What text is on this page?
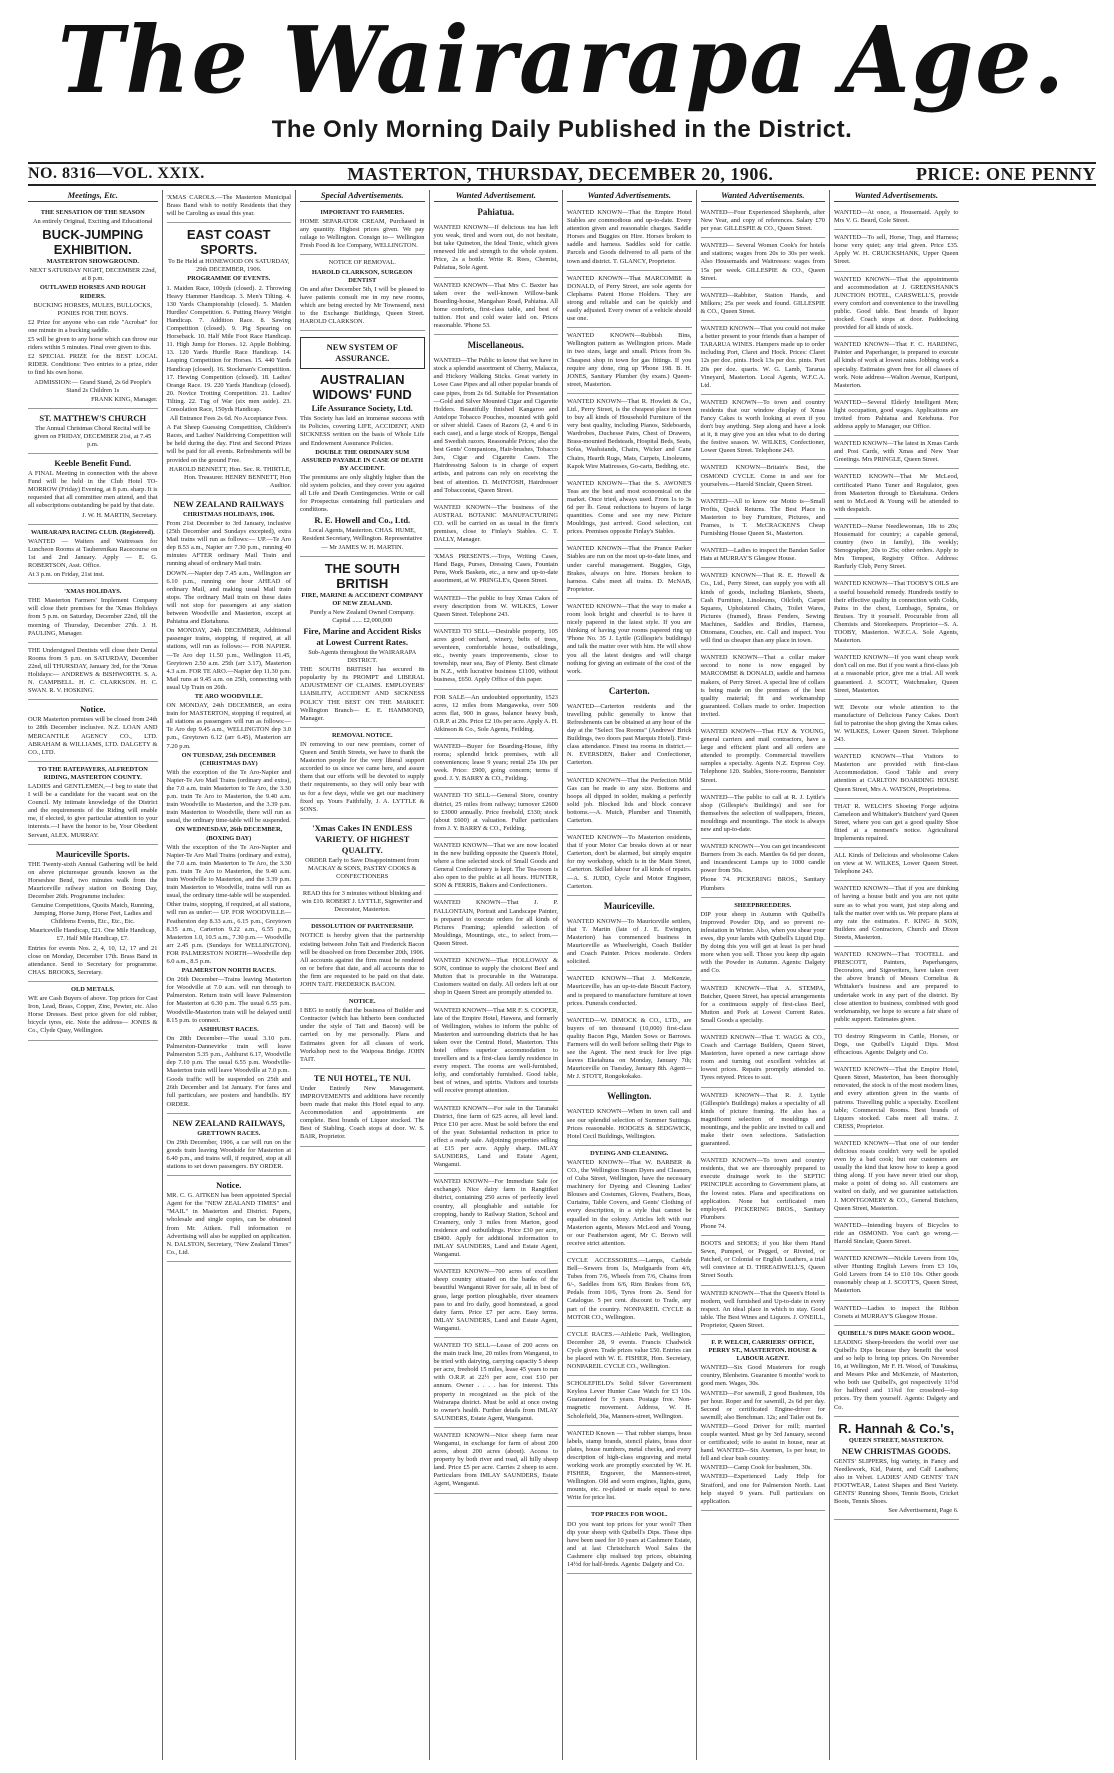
The Wairarapa Age.
The Only Morning Daily Published in the District.
NO. 8316—VOL. XXIX.	MASTERTON, THURSDAY, DECEMBER 20, 1906.	PRICE: ONE PENNY
Meetings, Etc.

THE SENSATION OF THE SEASON

An entirely Original, Exciting and Educational

BUCK-JUMPING EXHIBITION.

MASTERTON SHOWGROUND.

NEXT SATURDAY NIGHT, DECEMBER 22nd, at 8 p.m.

OUTLAWED HORSES AND ROUGH RIDERS.

BUCKING HORSES, MULES, BULLOCKS, PONIES FOR THE BOYS.

£2 Prize for anyone who can ride "Acrobat" for one minute in a bucking saddle.

£5 will be given to any horse which can throw our riders within 5 minutes. Final over given to this.

£2 SPECIAL PRIZE for the BEST LOCAL RIDER. Conditions: Two entries to a prize, rider to find his own horse.

ADMISSION:— Grand Stand, 2s 6d People's Stand 2s Children 1s

FRANK KING, Manager.

ST. MATTHEW'S CHURCH

The Annual Christmas Choral Recital will be given on FRIDAY, DECEMBER 21st, at 7.45 p.m.

Keeble Benefit Fund.

A FINAL Meeting in connection with the above Fund will be held in the Club Hotel TO-MORROW (Friday) Evening, at 8 p.m. sharp. It is requested that all committee men attend, and that all subscriptions outstanding be paid by that date.

J. W. H. MARTIN, Secretary.

WAIRARAPA RACING CLUB. (Registered).

WANTED — Waiters and Waitresses for Luncheon Rooms at Tauherenikau Racecourse on 1st and 2nd January. Apply — E. G. ROBERTSON, Asst. Office.

At 3 p.m. on Friday, 21st inst.

'XMAS HOLIDAYS.

THE Masterton Farmers' Implement Company will close their premises for the 'Xmas Holidays from 5 p.m. on Saturday, December 22nd, till the morning of Thursday, December 27th. J. H. PAULING, Manager.

THE Undersigned Dentists will close their Dental Rooms from 5 p.m. on SATURDAY, December 22nd, till THURSDAY, January 3rd, for the 'Xmas Holidays:— ANDREWS & BISHWORTH. S. A. N. CAMPBELL. H. C. CLARKSON. H. C. SWAN. R. V. HOSKING.

Notice.

OUR Masterton premises will be closed from 24th to 28th December inclusive. N.Z. LOAN AND MERCANTILE AGENCY CO., LTD. ABRAHAM & WILLIAMS, LTD. DALGETY & CO., LTD.

TO THE RATEPAYERS, ALFREDTON RIDING, MASTERTON COUNTY.

LADIES and GENTLEMEN,—I beg to state that I will be a candidate for the vacant seat on the Council. My intimate knowledge of the District and the requirements of the Riding will enable me, if elected, to give particular attention to your interests.—I have the honor to be, Your Obedient Servant, ALEX. MURRAY.

Mauriceville Sports.

THE Twenty-sixth Annual Gathering will be held on above picturesque grounds known as the Horseshoe Bend, two minutes walk from the Mauriceville railway station on Boxing Day, December 26th. Programme includes:

Genuine Competitions, Quoits Match, Running, Jumping, Horse Jump, Horse Feet, Ladies and Childrens Events, Etc., Etc., Etc.

Mauriceville Handicap, £21. One Mile Handicap, £7. Half Mile Handicap, £7.

Entries for events Nos. 2, 4, 10, 12, 17 and 21 close on Monday, December 17th. Brass Band in attendance. Send to Secretary for programme. CHAS. BROOKS, Secretary.

OLD METALS.

WE are Cash Buyers of above. Top prices for Cast Iron, Lead, Brass, Copper, Zinc, Pewter, etc. Also Horse Dresses. Best price given for old rubber, bicycle tyres, etc. Note the address— JONES & Co., Clyde Quay, Wellington.

'XMAS CAROLS.—The Masterton Municipal Brass Band wish to notify Residents that they will be Caroling as usual this year.

EAST COAST SPORTS.

To Be Held at HONEWOOD ON SATURDAY, 29th DECEMBER, 1906.

PROGRAMME OF EVENTS.

1. Maiden Race, 100yds (closed). 2. Throwing Heavy Hammer Handicap. 3. Men's Tilting. 4. 130 Yards Championship (closed). 5. Maiden Hurdles' Competition. 6. Putting Heavy Weight Handicap. 7. Addition Race. 8. Sawing Competition (closed). 9. Pig Spearing on Horseback. 10. Half Mile Foot Race Handicap. 11. High Jump for Horses. 12. Apple Bobbing. 13. 120 Yards Hurdle Race Handicap. 14. Leaping Competition for Horses. 15. 440 Yards Handicap (closed). 16. Stockman's Competition. 17. Hewing Competition (closed). 18. Ladies' Orange Race. 19. 220 Yards Handicap (closed). 20. Novice Trotting Competition. 21. Ladies' Tilting. 22. Tug of War (six men aside). 23. Consolation Race, 150yds Handicap.

All Entrance Fees 2s 6d. No Acceptance Fees.

A Fat Sheep Guessing Competition, Children's Races, and Ladies' Naildriving Competition will be held during the day. First and Second Prizes will be paid for all events. Refreshments will be provided on the ground Free.

HAROLD BENNETT, Hon. Sec. R. THIRTLE, Hon. Treasurer. HENRY BENNETT, Hon Auditor.

NEW ZEALAND RAILWAYS

CHRISTMAS HOLIDAYS, 1906.

From 21st December to 3rd January, inclusive (25th December and Sundays excepted), extra Mail trains will run as follows:— UP.—Te Aro dep 8.53 a.m., Napier arr 7.30 p.m., running 40 minutes AFTER ordinary Mail Train and running ahead of ordinary Mail train.

DOWN.—Napier dep 7.45 a.m., Wellington arr 6.10 p.m., running one hour AHEAD of ordinary Mail, and making usual Mail train stops. The ordinary Mail train on these dates will not stop for passengers at any station between Woodville and Masterton, except at Pahiatua and Eketahuna.

On MONDAY, 24th DECEMBER, Additional passenger trains, stopping, if required, at all stations, will run as follows:— FOR NAPIER.—Te Aro dep 11.50 p.m., Wellington 11.45, Greytown 2.50 a.m. 25th (arr 3.17), Masterton 4.3 a.m. FOR TE ARO.—Napier dep 11.30 p.m. Mail runs at 9.45 a.m. on 25th, connecting with usual Up Train on 26th.

TE ARO WOODVILLE.

ON MONDAY, 24th DECEMBER, an extra train for MASTERTON, stopping if required, at all stations as passengers will run as follows:— Te Aro dep 9.45 a.m., WELLINGTON dep 3.0 p.m., Greytown 6.12 (arr 6.45), Masterton arr 7.20 p.m.

ON TUESDAY, 25th DECEMBER (CHRISTMAS DAY)

With the exception of the Te Aro-Napier and Napier-Te Aro Mail Trains (ordinary and extra), the 7.0 a.m. train Masterton to Te Aro, the 3.30 p.m. train Te Aro to Masterton, the 9.40 a.m. train Woodville to Masterton, and the 3.39 p.m. train Masterton to Woodville, there will run as usual, the ordinary time-table will be suspended.

ON WEDNESDAY, 26th DECEMBER, (BOXING DAY)

With the exception of the Te Aro-Napier and Napier-Te Aro Mail Trains (ordinary and extra), the 7.0 a.m. train Masterton to Te Aro, the 3.30 p.m. train Te Aro to Masterton, the 9.40 a.m. train Woodville to Masterton, and the 3.39 p.m. train Masterton to Woodville, trains will run as usual, the ordinary time-table will be suspended.

Other trains, stopping, if required, at all stations, will run as under:— UP. FOR WOODVILLE—Featherston dep 8.33 a.m., 6.15 p.m., Greytown 8.35 a.m., Carterton 9.22 a.m., 6.55 p.m., Masterton 1.0, 10.5 a.m., 7.30 p.m.— Woodville arr 2.45 p.m. (Sundays for WELLINGTON). FOR PALMERSTON NORTH—Woodville dep 6.0 a.m., 8.5 p.m.

PALMERSTON NORTH RACES.

On 26th December—Trains leaving Masterton for Woodville at 7.0 a.m. will run through to Palmerston. Return train will leave Palmerston for Masterton at 6.30 p.m. The usual 6.55 p.m. Woodville-Masterton train will be delayed until 8.15 p.m. to connect.

ASHHURST RACES.

On 28th December—The usual 3.10 p.m. Palmerston-Dannevirke train will leave Palmerston 5.35 p.m., Ashhurst 6.17, Woodville dep 7.10 p.m. The usual 6.55 p.m. Woodville-Masterton train will leave Woodville at 7.0 p.m.

Goods traffic will be suspended on 25th and 26th December and 1st January. For fares and full particulars, see posters and handbills. BY ORDER.

NEW ZEALAND RAILWAYS,

GRETTOWN RACES.

On 29th December, 1906, a car will run on the goods train leaving Woodside for Masterton at 6.40 p.m., and trains will, if required, stop at all stations to set down passengers. BY ORDER.

Notice.

MR. C. G. AITKEN has been appointed Special Agent for the "NEW ZEALAND TIMES" and "MAIL" in Masterton and District. Papers, wholesale and single copies, can be obtained from Mr. Aitken. Full information re Advertising will also be supplied on application. N. DALSTON, Secretary, "New Zealand Times" Co., Ltd.

Special Advertisements.

IMPORTANT TO FARMERS.

HOME SEPARATOR CREAM, Purchased in any quantity. Highest prices given. We pay railage to Wellington. Consign to— Wellington Fresh Food & Ice Company, WELLINGTON.

NOTICE OF REMOVAL.

HAROLD CLARKSON, SURGEON DENTIST

On and after December 5th, I will be pleased to have patients consult me in my new rooms, which are being erected by Mr Townsend, next to the Exchange Buildings, Queen Street. HAROLD CLARKSON.

NEW SYSTEM OF ASSURANCE.

AUSTRALIAN WIDOWS' FUND

Life Assurance Society, Ltd.

This Society has laid an immense success with its Policies, covering LIFE, ACCIDENT, AND SICKNESS written on the basis of Whole Life and Endowment Assurance Policies.

DOUBLE THE ORDINARY SUM ASSURED PAYABLE IN CASE OF DEATH BY ACCIDENT.

The premiums are only slightly higher than the old system policies, and they cover you against all Life and Death Contingencies. Write or call for Prospectus containing full particulars and conditions.

R. E. Howell and Co., Ltd.

Local Agents, Masterton. CHAS. HUME, Resident Secretary, Wellington. Representative— Mr JAMES W. H. MARTIN.

THE SOUTH BRITISH

FIRE, MARINE & ACCIDENT COMPANY OF NEW ZEALAND.

Purely a New Zealand Owned Company. Capital ...... £2,000,000

Fire, Marine and Accident Risks at Lowest Current Rates.

Sub-Agents throughout the WAIRARAPA DISTRICT.

THE SOUTH BRITISH has secured its popularity by its PROMPT and LIBERAL ADJUSTMENT OF CLAIMS. EMPLOYERS' LIABILITY, ACCIDENT AND SICKNESS POLICY THE BEST ON THE MARKET. Wellington Branch— E. E. HAMMOND, Manager.

REMOVAL NOTICE.

IN removing to our new premises, corner of Queen and Smith Streets, we have to thank the Masterton people for the very liberal support accorded to us since we came here, and assure them that our efforts will be devoted to supply their requirements, so they will only bear with us for a few days, while we get our machinery fixed up. Yours Faithfully, J. A. LYTTLE & SONS.

'Xmas Cakes IN ENDLESS VARIETY. OF HIGHEST QUALITY.

ORDER Early to Save Disappointment from MACKAY & SONS, PASTRY COOKS & CONFECTIONERS

READ this for 3 minutes without blinking and win £10. ROBERT J. LYTTLE, Signwriter and Decorator, Masterton.

DISSOLUTION OF PARTNERSHIP.

NOTICE is hereby given that the partnership existing between John Tait and Frederick Bacon will be dissolved on from December 20th, 1906. All accounts against the firm must be rendered on or before that date, and all accounts due to the firm are requested to be paid on that date. JOHN TAIT. FREDERICK BACON.

NOTICE.

I BEG to notify that the business of Builder and Contractor (which has hitherto been conducted under the style of Tait and Bacon) will be carried on by me personally. Plans and Estimates given for all classes of work. Workshop next to the Waipoua Bridge. JOHN TAIT.

TE NUI HOTEL, TE NUI.

Under Entirely New Management. IMPROVEMENTS and additions have recently been made that make this Hotel equal to any. Accommodation and appointments are complete. Best brands of Liquor stocked. The Best of Stabling. Coach stops at door. W. S. BAIR, Proprietor.

Wanted Advertisement.

Pahiatua.

WANTED KNOWN—If delicious tea has left you weak, tired and worn out, do not hesitate, but take Quineton, the Ideal Tonic, which gives renewed life and strength to the whole system. Price, 2s a bottle. Write R. Rees, Chemist, Pahiatua, Sole Agent.

WANTED KNOWN—That Mrs C. Baxter has taken over the well-known Willow-bank Boarding-house, Mangahao Road, Pahiatua. All home comforts, first-class table, and best of tuition. Hot and cold water laid on. Prices reasonable. 'Phone 53.

Miscellaneous.

WANTED—The Public to know that we have in stock a splendid assortment of Cherry, Malacca, and Hickory Walking Sticks. Great variety in Lowe Case Pipes and all other popular brands of case pipes, from 2s 6d. Suitable for Presentation—Gold and Silver Mounted Cigar and Cigarette Holders. Beautifully finished Kangaroo and Antelope Tobacco Pouches, mounted with gold or silver shield. Cases of Razors (2, 4 and 6 in each case), and a large stock of Kropps, Bengal and Swedish razors. Reasonable Prices; also the best Gents' Companions, Hair-brushes, Tobacco Jars, Cigar and Cigarette Cases. The Hairdressing Saloon is in charge of expert artists, and patrons can rely on receiving the best of attention. D. McINTOSH, Hairdresser and Tobacconist, Queen Street.

WANTED KNOWN—The business of the AUSTRAL BOTANIC MANUFACTURING CO. will be carried on as usual in the firm's premises, close to Finlay's Stables. C. T. DALLY, Manager.

'XMAS PRESENTS.—Toys, Writing Cases, Hand Bags, Purses, Dressing Cases, Fountain Pens, Work Baskets, etc., a new and up-to-date assortment, at W. PRINGLE's, Queen Street.

WANTED—The public to buy Xmas Cakes of every description from W. WILKES, Lower Queen Street. Telephone 243.

WANTED TO SELL—Desirable property, 105 acres good orchard, winery, belts of trees, seventeen, comfortable house, outbuildings, etc., twenty years improvements, close to township, near sea, Bay of Plenty. Best climate in N.Z., with lucrative business £1100, without business, £650. Apply Office of this paper.

FOR SALE—An undoubted opportunity, 1523 acres, 12 miles from Mangaweka, over 500 acres flat, 900 in grass, balance heavy bush, O.R.P. at 20s. Price £2 10s per acre. Apply A. H. Atkinson & Co., Sole Agents, Feilding.

WANTED—Buyer for Boarding-House, fifty rooms; splendid brick premises, with all conveniences; lease 9 years; rental 25s 10s per week. Price: £900, going concern; terms if good. J. Y. BARRY & CO., Feilding.

WANTED TO SELL—General Store, country district, 25 miles from railway; turnover £2600 to £3000 annually. Price freehold, £330; stock (about £600) at valuation. Fuller particulars from J. Y. BARRY & CO., Feilding.

WANTED KNOWN—That we are now located in the new building opposite the Queen's Hotel, where a fine selected stock of Small Goods and General Confectionery is kept. The Tea-room is also open to the public at all hours. HUNTER, SON & FERRIS, Bakers and Confectioners.

WANTED KNOWN—That J. P. FALLONTAIN, Portrait and Landscape Painter, is prepared to execute orders for all kinds of Pictures Framing; splendid selection of Mouldings, Mountings, etc., to select from.—Queen Street.

WANTED KNOWN—That HOLLOWAY & SON, continue to supply the choicest Beef and Mutton that is procurable in the Wairarapa. Customers waited on daily. All orders left at our shop in Queen Street are promptly attended to.

WANTED KNOWN—That MR F. S. COOPER, late of the Empire Hotel, Hawera, and formerly of Wellington, wishes to inform the public of Masterton and surrounding districts that he has taken over the Central Hotel, Masterton. This hotel offers superior accommodation to travellers and is a first-class family residence in every respect. The rooms are well-furnished, lofty, and comfortably furnished. Good table, best of wines, and spirits. Visitors and tourists will receive prompt attention.

WANTED KNOWN—For sale in the Taranaki District, fine farm of 625 acres, all level land. Price £10 per acre. Must be sold before the end of the year. Substantial reduction in price to effect a ready sale. Adjoining properties selling at £15 per acre. Apply sharp. IMLAY SAUNDERS, Land and Estate Agent, Wanganui.

WANTED KNOWN—For Immediate Sale (or exchange). Nice dairy farm in Rangitikei district, containing 250 acres of perfectly level country, all ploughable and suitable for cropping, handy to Railway Station, School and Creamery, only 3 miles from Marton, good residence and outbuildings. Price £30 per acre, £8400. Apply for additional information to IMLAY SAUNDERS, Land and Estate Agent, Wanganui.

WANTED KNOWN—700 acres of excellent sheep country situated on the banks of the beautiful Wanganui River for sale, all in best of grass, large portion ploughable, river steamers pass to and fro daily, good homestead, a good dairy farm. Price £7 per acre. Easy terms. IMLAY SAUNDERS, Land and Estate Agent, Wanganui.

WANTED TO SELL—Lease of 200 acres on the main track line, 20 miles from Wanganui, to be tried with dairying, carrying capacity 5 sheep per acre, freehold 15 miles, lease 45 years to run with O.R.P. at 22½ per acre, cost £10 per annum. Owner . . . . has for interest. This property in recognized as the pick of the Wairarapa district. Must be sold at once owing to owner's health. Further details from IMLAY SAUNDERS, Estate Agent, Wanganui.

WANTED KNOWN—Nice sheep farm near Wanganui, in exchange for farm of about 200 acres, about 200 acres (about). Access to property by both river and road, all hilly sheep land. Price £5 per acre. Carries 2 sheep to acre. Particulars from IMLAY SAUNDERS, Estate Agent, Wanganui.

Wanted Advertisements.

WANTED KNOWN—That the Empire Hotel Stables are commodious and up-to-date. Every attention given and reasonable charges. Saddle Horses and Buggies on Hire. Horses broken to saddle and harness. Saddles sold for cattle. Parcels and Goods delivered to all parts of the town and district. T. GLANCY, Proprietor.

WANTED KNOWN—That MARCOMBE & DONALD, of Perry Street, are sole agents for Clephams Patent Horse Holders. They are strong and reliable and can be quickly and easily adjusted. Every owner of a vehicle should use one.

WANTED KNOWN—Rubbish Bins, Wellington pattern as Wellington prices. Made in two sizes, large and small. Prices from 9s. Cheapest shop in town for gas fittings. If you require any done, ring up 'Phone 198. B. H. JONES, Sanitary Plumber (by exam.) Queen-street, Masterton.

WANTED KNOWN—That R. Howlett & Co., Ltd., Perry Street, is the cheapest place in town to buy all kinds of Household Furniture of the very best quality, including Pianos, Sideboards, Wardrobes, Duchesse Pairs, Chest of Drawers, Brass-mounted Bedsteads, Hospital Beds, Seats, Sofas, Washstands, Chairs, Wicker and Cane Chairs, Hearth Rugs, Mats, Carpets, Linoleums, Kapok Wire Mattresses, Go-carts, Bedding, etc.

WANTED KNOWN—That the S. AWONE'S Teas are the best and most economical on the market. Once tried, always used. From 1s to 3s 6d per lb. Great reductions to buyers of large quantities. Come and see my new Picture Mouldings, just arrived. Good selection, cut prices. Premises opposite Finlay's Stables.

WANTED KNOWN—That the Prance Parker Stables are run on the most up-to-date lines, and under careful management. Buggies, Gigs, Brakes, always on hire. Horses broken to harness. Cabs meet all trains. D. McNAB, Proprietor.

WANTED KNOWN—That the way to make a room look bright and cheerful is to have it nicely papered in the latest style. If you are thinking of having your rooms papered ring up 'Phone No. 35 J. Lyttle (Gillespie's buildings) and talk the matter over with him. He will show you all the latest designs and will charge nothing for giving an estimate of the cost of the work.

Carterton.

WANTED—Carterton residents and the travelling public generally to know that Refreshments can be obtained at any hour of the day at the "Select Tea Rooms" (Andrews' Brick Buildings, two doors past Marquis Hotel). First-class attendance. Finest tea rooms in district.—N. EVERSDEN, Baker and Confectioner, Carterton.

WANTED KNOWN—That the Perfection Mild Gas can be made to any size. Bottoms and hoops all dipped in solder, making a perfectly solid job. Blocked lids and block concave bottoms.—A. Mutch, Plumber and Tinsmith, Carterton.

WANTED KNOWN—To Masterton residents, that if your Motor Car breaks down at or near Carterton, don't be alarmed, but simply enquire for my workshop, which is in the Main Street, Carterton. Skilled labour for all kinds of repairs.—A. S. JUDD, Cycle and Motor Engineer, Carterton.

Mauriceville.

WANTED KNOWN—To Mauriceville settlers, that T. Martin (late of J. E. Ewington, Masterton) has commenced business in Mauriceville as Wheelwright, Coach Builder and Coach Painter. Prices moderate. Orders solicited.

WANTED KNOWN—That J. McKenzie, Mauriceville, has an up-to-date Biscuit Factory, and is prepared to manufacture furniture at town prices. Funerals conducted.

WANTED—W. DIMOCK & CO., LTD., are buyers of ten thousand (10,000) first-class quality Bacon Pigs, Maiden Sows or Barrows. Farmers will do well before selling their Pigs to see the Agent. The next truck for live pigs leaves Eketahuna on Monday, January 7th; Mauriceville on Tuesday, January 8th. Agent—Mr J. STOTT, Rongokokako.

Wellington.

WANTED KNOWN—When in town call and see our splendid selection of Summer Suitings. Prices reasonable. HODGES & SEDGWICK, Hotel Cecil Buildings, Wellington.

DYEING AND CLEANING.

WANTED KNOWN—That W. BARBER & CO., the Wellington Steam Dyers and Cleaners, of Cuba Street, Wellington, have the necessary machinery for Dyeing and Cleaning Ladies' Blouses and Costumes, Gloves, Feathers, Boas, Curtains, Table Covers, and Gents' Clothing of every description, in a style that cannot be equalled in the colony. Articles left with our Masterton agents, Messrs McLeod and Young, or our Featherston agent, Mr C. Brown will receive strict attention.

CYCLE ACCESSORIES.—Lamps, Carbide Bell—Sewers from 1s, Mudguards from 4/6, Tubes from 7/6, Wheels from 7/6, Chains from 6/-, Saddles from 6/6, Rim Brakes from 6/6, Pedals from 10/6, Tyres from 2s. Send for Catalogue. 5 per cent. discount to Trade, any part of the country. NONPAREIL CYCLE & MOTOR CO., Wellington.

CYCLE RACES.—Athletic Park, Wellington, December 28, 9 events. Francis Chadwick Cycle given. Trade prizes value £50. Entries can be placed with W. E. FISHER, Hon. Secretary, NONPAREIL CYCLE CO., Wellington.

SCHOLEFIELD's Solid Silver Government Keyless Lever Hunter Case Watch for £3 10s. Guaranteed for 5 years. Postage free. Non-magnetic movement. Address, W. H. Scholefield, 36a, Manners-street, Wellington.

WANTED Known — That rubber stamps, brass labels, stamp brands, stencil plates, brass door plates, house numbers, metal checks, and every description of high-class engraving and metal working work are promptly executed by W. H. FISHER, Engraver, the Manners-street, Wellington. Old and worn engines, lights, guns, mounts, etc. re-plated or made equal to new. Write for price list.

TOP PRICES FOR WOOL.

DO you want top prices for your wool? Then dip your sheep with Quibell's Dips. These dips have been used for 10 years at Cashmere Estate, and at last Christchurch Wool Sales the Cashmere clip realised top prices, obtaining 14½d for half-breds. Agents: Dalgety and Co.

Wanted Advertisements.

WANTED—Four Experienced Shepherds, after New Year, and copy of references. Salary £70 per year. GILLESPIE & CO., Queen Street.

WANTED— Several Women Cook's for hotels and stations; wages from 20s to 30s per week. Also Housemaids and Waitresses: wages from 15s per week. GILLESPIE & CO., Queen Street.

WANTED—Rabbiter, Station Hands, and Milkers; 25s per week and found. GILLESPIE & CO., Queen Street.

WANTED KNOWN—That you could not make a better present to your friends than a hamper of TARARUA WINES. Hampers made up to order including Port, Claret and Hock. Prices: Claret 12s per doz. pints. Hock 13s per doz. pints. Port 20s per doz. quarts. W. G. Lamb, Tararua Vineyard, Masterton. Local Agents, W.F.C.A. Ltd.

WANTED KNOWN—To town and country residents that our window display of Xmas Fancy Cakes is worth looking at even if you don't buy anything. Step along and have a look at it, it may give you an idea what to do during the festive season. W. WILKES, Confectioner, Lower Queen Street. Telephone 243.

WANTED KNOWN—Britain's Best, the OSMOND CYCLE. Come in and see for yourselves.—Harold Sinclair, Queen Street.

WANTED—All to know our Motto is—Small Profits, Quick Returns. The Best Place in Masterton to buy Furniture, Pictures, and Frames, is T. McCRACKEN'S Cheap Furnishing House Queen St., Masterton.

WANTED—Ladies to inspect the Bandan Sailor Hats at MURRAY'S Glasgow House.

WANTED KNOWN—That R. E. Howell & Co., Ltd., Perry Street, can supply you with all kinds of goods, including Blankets, Sheets, Cash Furniture, Linoleums, Oilcloth, Carpet Squares, Upholstered Chairs, Toilet Wares, Pictures (framed), Brass Fenders, Sewing Machines, Saddles and Bridles, Harness, Ottomans, Couches, etc. Call and inspect. You will find us cheaper than any place in town.

WANTED KNOWN—That a collar maker second to none is now engaged by MARCOMBE & DONALD, saddle and harness makers, of Perry Street. A special line of collars is being made on the premises of the best quality material; fit and workmanship guaranteed. Collars made to order. Inspection invited.

WANTED KNOWN—That FLY & YOUNG, general carriers and mail contractors, have a large and efficient plant and all orders are attended to promptly. Commercial travellers samples a specialty. Agents N.Z. Express Coy. Telephone 120. Stables, Store-rooms, Bannister Street.

WANTED—The public to call at R. J. Lyttle's shop (Gillespie's Buildings) and see for themselves the selection of wallpapers, friezes, mouldings and mountings. The stock is always new and up-to-date.

WANTED KNOWN—You can get incandescent Burners from 3s each. Mantles 6s 6d per dozen, and incandescent Lamps up to 1000 candle power from 50s.

Phone 74. PICKERING BROS., Sanitary Plumbers

SHEEPBREEDERS.

DIP your sheep in Autumn with Quibell's Improved Powder Dip, and so prevent re-infestation in Winter. Also, when you shear your ewes, dip your lambs with Quibell's Liquid Dip. By doing this you will get at least 1s per head more when you sell. Those you keep dip again with the Powder in Autumn. Agents: Dalgety and Co.

WANTED KNOWN—That A. STEMPA, Butcher, Queen Street, has special arrangements for a continuous supply of first-class Beef, Mutton and Pork at Lowest Current Rates. Small Goods a specialty.

WANTED KNOWN—That T. WAGG & CO., Coach and Carriage Builders, Queen Street, Masterton, have opened a new carriage show room and turning out excellent vehicles at lowest prices. Repairs promptly attended to. Tyres retyred. Prices to suit.

WANTED KNOWN—That R. J. Lyttle (Gillespie's Buildings) makes a speciality of all kinds of picture framing. He also has a magnificent selection of mouldings and mountings, and the public are invited to call and make their own selections. Satisfaction guaranteed.

WANTED KNOWN—To town and country residents, that we are thoroughly prepared to execute drainage work to the SEPTIC PRINCIPLE according to Government plans, at the lowest rates. Plans and specifications on application. None but certificated men employed. PICKERING BROS., Sanitary Plumbers

Phone 74.

BOOTS and SHOES; if you like them Hand Sewn, Pumped, or Pegged, or Riveted, or Patched, or Colonial or English Leathers, a trial will convince at D. THREADWELL'S, Queen Street South.

WANTED KNOWN—That the Queen's Hotel is modern, well furnished and Up-to-date in every respect. An ideal place in which to stay. Good table. The Best Wines and Liquors. J. O'NEILL, Proprietor, Queen Street.

F. P. WELCH, CARRIERS' OFFICE, PERRY ST., MASTERTON. HOUSE & LABOUR AGENT.

WANTED—Six Good Musterers for rough country, Blenheim. Guarantee 6 months' work to good men. Wages, 30s.

WANTED—For sawmill, 2 good Bushmen, 10s per hour. Roper and for sawmill, 2s 6d per day. Second or certificated Engine-driver for sawmill; also Benchman. 12s; and Tailer out 8s.

WANTED—Good Driver for mill; married couple wanted. Must go by 3rd January, second or certificated; wife to assist in house, near at hand. WANTED—Six Axemen, 1s per hour, to fell and clear bush country.

WANTED—Camp Cook for bushmen, 30s.

WANTED—Experienced Lady Help for Stratford, and one for Palmerston North. Last help stayed 9 years. Full particulars on application.

Wanted Advertisements.

WANTED—At once, a Housemaid. Apply to Mrs V. G. Beard, Cole Street.

WANTED—To sell, Horse, Trap, and Harness; horse very quiet; any trial given. Price £35. Apply W. H. CRUICKSHANK, Upper Queen Street.

WANTED KNOWN—That the appointments and accommodation at J. GREENSHANK'S JUNCTION HOTEL, CARSWELL'S, provide every comfort and convenience to the travelling public. Good table. Best brands of liquor stocked. Coach stops at door. Paddocking provided for all kinds of stock.

WANTED KNOWN—That F. C. HARDING, Painter and Paperhanger, is prepared to execute all kinds of work at lowest rates. Jobbing work a specialty. Estimates given free for all classes of work. Note address—Walton Avenue, Kuripuni, Masterton.

WANTED—Several Elderly Intelligent Men; light occupation, good wages. Applications are invited from Pahiatua and Ketehuna. For address apply to Manager, our Office.

WANTED KNOWN—The latest in Xmas Cards and Post Cards, with Xmas and New Year Greetings. Mrs PRINGLE, Queen Street.

WANTED KNOWN—That Mr McLeod, certificated Piano Tuner and Regulator, goes from Masterton through to Eketahuna. Orders sent to McLeod & Young will be attended to with despatch.

WANTED—Nurse Needlewoman, 18s to 20s; Housemaid for country; a capable general, country (two in family), 18s weekly; Stenographer, 20s to 25s; other orders. Apply to Mrs Tempest, Registry Office. Address: Ranfurly Club, Perry Street.

WANTED KNOWN—That TOOBY'S OILS are a useful household remedy. Hundreds testify to their effective quality in connection with Colds, Pains in the chest, Lumbago, Sprains, or Bruises. Try it yourself. Procurable from all Chemists and Storekeepers. Proprietor—S. A. TOOBY, Masterton. W.F.C.A. Sole Agents, Masterton.

WANTED KNOWN—If you want cheap work don't call on me. But if you want a first-class job at a reasonable price, give me a trial. All work guaranteed. J. SCOTT, Watchmaker, Queen Street, Masterton.

WE Devote our whole attention to the manufacture of Delicious Fancy Cakes. Don't fail to patronise the shop giving the Xmas cakes. W. WILKES, Lower Queen Street. Telephone 243.

WANTED KNOWN—That Visitors to Masterton are provided with first-class Accommodation. Good Table and every attention at CARLTON BOARDING HOUSE Queen Street, Mrs A. WATSON, Proprietress.

THAT R. WELCH'S Shoeing Forge adjoins Cameleon and Whittaker's Butchers' yard Queen Street, where you can get a good quality Shoe fitted at a moment's notice. Agricultural Implements repaired.

ALL Kinds of Delicious and wholesome Cakes on view at W. WILKES, Lower Queen Street. Telephone 243.

WANTED KNOWN—That if you are thinking of having a house built and you are not quite sure as to what you want, just step along and talk the matter over with us. We prepare plans at any rate the estimates. F. KING & SON, Builders and Contractors, Church and Dixon Streets, Masterton.

WANTED KNOWN—That TOOTELL and PRESCOTT, Painters, Paperhangers, Decorators, and Signwriters, have taken over the above branch of Messrs Cornelius & Whittaker's business and are prepared to undertake work in any part of the district. By close attention to business, combined with good workmanship, we hope to secure a fair share of public support. Estimates given.

TO destroy Ringworm in Cattle, Horses, or Dogs, use Quibell's Liquid Dips. Most efficacious. Agents: Dalgety and Co.

WANTED KNOWN—That the Empire Hotel, Queen Street, Masterton, has been thoroughly renovated, the stock is of the most modern lines, and every attention given in the wants of patrons. Travelling public a specialty. Excellent table; Commercial Rooms. Best brands of Liquors stocked. Cabs meet all trains. J. CRESS, Proprietor.

WANTED KNOWN—That one of our tender delicious roasts couldn't very well be spoiled even by a bad cook; but our customers are usually the kind that know how to keep a good thing along. If you have never tried our shop, make a point of doing so. All customers are waited on daily, and we guarantee satisfaction. J. MONTGOMERY & CO., General Butchers, Queen Street, Masterton.

WANTED—Intending buyers of Bicycles to ride an OSMOND. You can't go wrong.—Harold Sinclair, Queen Street.

WANTED KNOWN—Nickle Levers from 10s, silver Hunting English Levers from £3 10s, Gold Levers from £4 to £10 10s. Other goods reasonably cheap at J. SCOTT'S, Queen Street, Masterton.

WANTED—Ladies to inspect the Ribbon Corsets at MURRAY'S Glasgow House.

QUIBELL'S DIPS MAKE GOOD WOOL.

LEADING Sheep-breeders the world over use Quibell's Dips because they benefit the wool and so help to bring top prices. On November 16, at Wellington, Mr F. H. Wood, of Tunakima, and Messrs Pike and McKenzie, of Masterton, who both use Quibell's, got respectively 11½d for halfbred and 11¾d for crossbred—top prices. Try them yourself. Agents: Dalgety and Co.

R. Hannah & Co.'s,

QUEEN STREET, MASTERTON.

NEW CHRISTMAS GOODS.

GENTS' SLIPPERS, big variety, in Fancy and Needlework, Kid, Patent, and Calf Leathers; also in Velvet. LADIES' AND GENTS' TAN FOOTWEAR, Latest Shapes and Best Variety. GENTS' Running Shoes, Tennis Boots, Cricket Boots, Tennis Shoes.

See Advertisement, Page 6.
